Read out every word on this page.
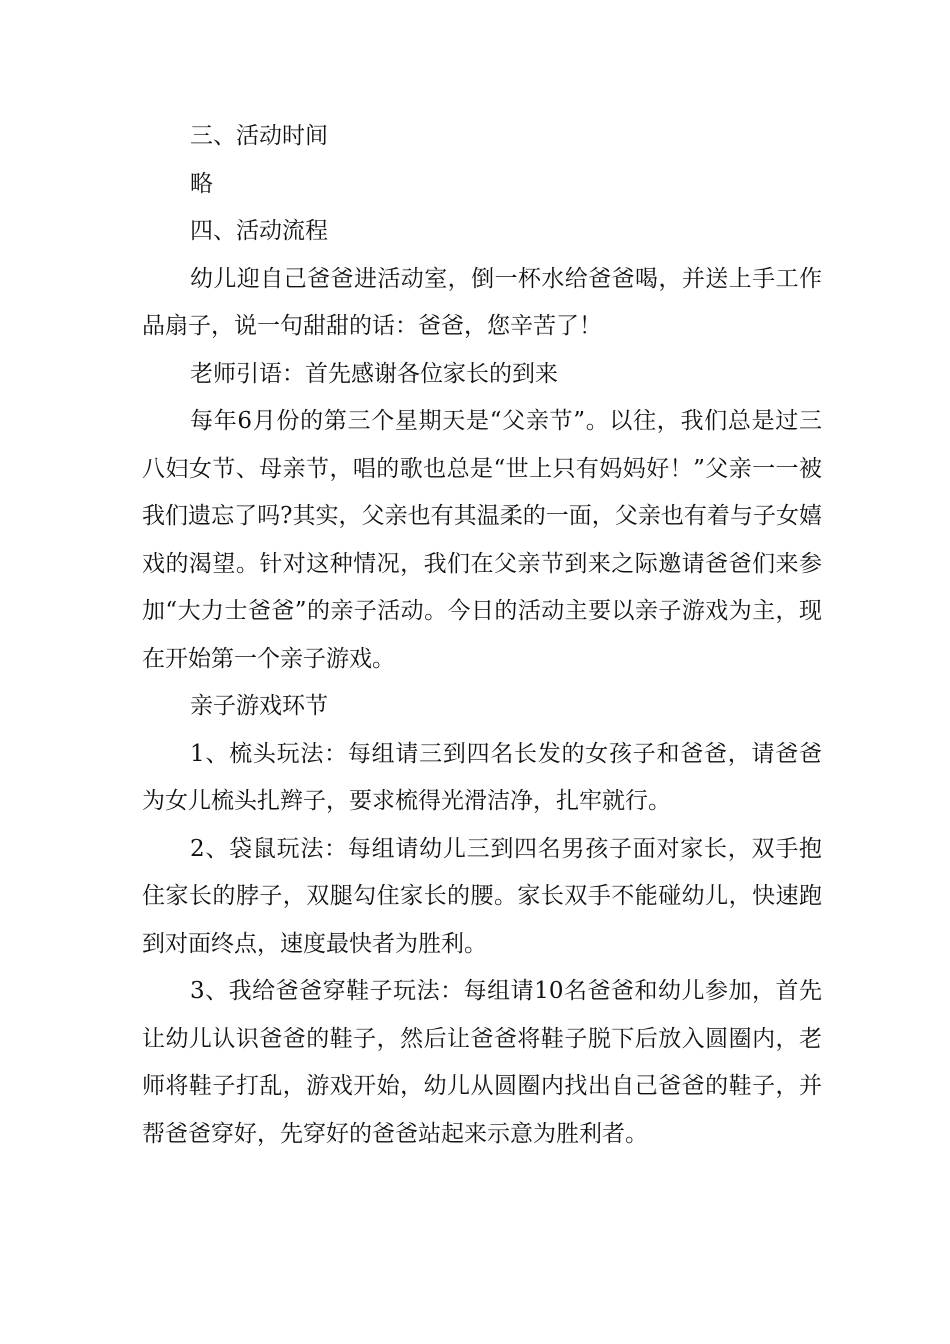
三、活动时间

略

四、活动流程

幼儿迎自己爸爸进活动室，倒一杯水给爸爸喝，并送上手工作品扇子，说一句甜甜的话：爸爸，您辛苦了！

老师引语：首先感谢各位家长的到来

每年6月份的第三个星期天是“父亲节”。以往，我们总是过三八妇女节、母亲节，唱的歌也总是“世上只有妈妈好！”父亲一一被我们遗忘了吗?其实，父亲也有其温柔的一面，父亲也有着与子女嬉戏的渴望。针对这种情况，我们在父亲节到来之际邀请爸爸们来参加“大力士爸爸”的亲子活动。今日的活动主要以亲子游戏为主，现在开始第一个亲子游戏。

亲子游戏环节

1、梳头玩法：每组请三到四名长发的女孩子和爸爸，请爸爸为女儿梳头扎辫子，要求梳得光滑洁净，扎牢就行。

2、袋鼠玩法：每组请幼儿三到四名男孩子面对家长，双手抱住家长的脖子，双腿勾住家长的腰。家长双手不能碰幼儿，快速跑到对面终点，速度最快者为胜利。

3、我给爸爸穿鞋子玩法：每组请10名爸爸和幼儿参加，首先让幼儿认识爸爸的鞋子，然后让爸爸将鞋子脱下后放入圆圈内，老师将鞋子打乱，游戏开始，幼儿从圆圈内找出自己爸爸的鞋子，并帮爸爸穿好，先穿好的爸爸站起来示意为胜利者。
